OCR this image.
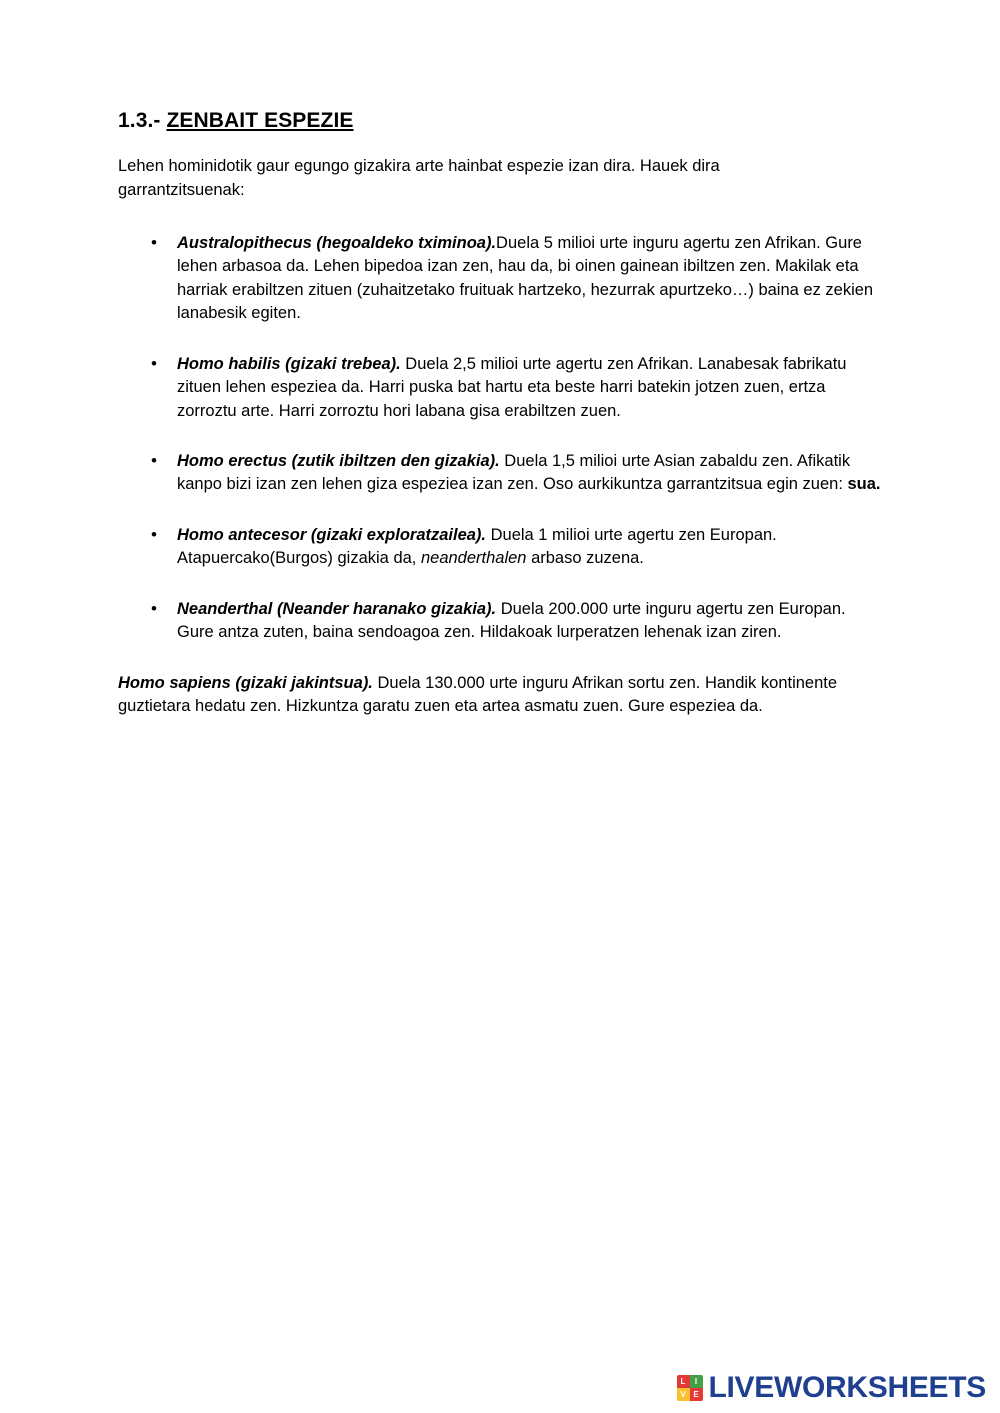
1.3.- ZENBAIT ESPEZIE

Lehen hominidotik gaur egungo gizakira arte hainbat espezie izan dira. Hauek dira garrantzitsuenak:

• Australopithecus (hegoaldeko tximinoa).Duela 5 milioi urte inguru agertu zen Afrikan. Gure lehen arbasoa da. Lehen bipedoa izan zen, hau da, bi oinen gainean ibiltzen zen. Makilak eta harriak erabiltzen zituen (zuhaitzetako fruituak hartzeko, hezurrak apurtzeko…) baina ez zekien lanabesik egiten.
• Homo habilis (gizaki trebea). Duela 2,5 milioi urte agertu zen Afrikan. Lanabesak fabrikatu zituen lehen espeziea da. Harri puska bat hartu eta beste harri batekin jotzen zuen, ertza zorroztu arte. Harri zorroztu hori labana gisa erabiltzen zuen.
• Homo erectus (zutik ibiltzen den gizakia). Duela 1,5 milioi urte Asian zabaldu zen. Afikatik kanpo bizi izan zen lehen giza espeziea izan zen. Oso aurkikuntza garrantzitsua egin zuen: sua.
• Homo antecesor (gizaki exploratzailea). Duela 1 milioi urte agertu zen Europan. Atapuercako(Burgos) gizakia da, neanderthalen arbaso zuzena.
• Neanderthal (Neander haranako gizakia). Duela 200.000 urte inguru agertu zen Europan. Gure antza zuten, baina sendoagoa zen. Hildakoak lurperatzen lehenak izan ziren.

Homo sapiens (gizaki jakintsua). Duela 130.000 urte inguru Afrikan sortu zen. Handik kontinente guztietara hedatu zen. Hizkuntza garatu zuen eta artea asmatu zuen. Gure espeziea da.

L	I
V E LIVEWORKSHEETS
